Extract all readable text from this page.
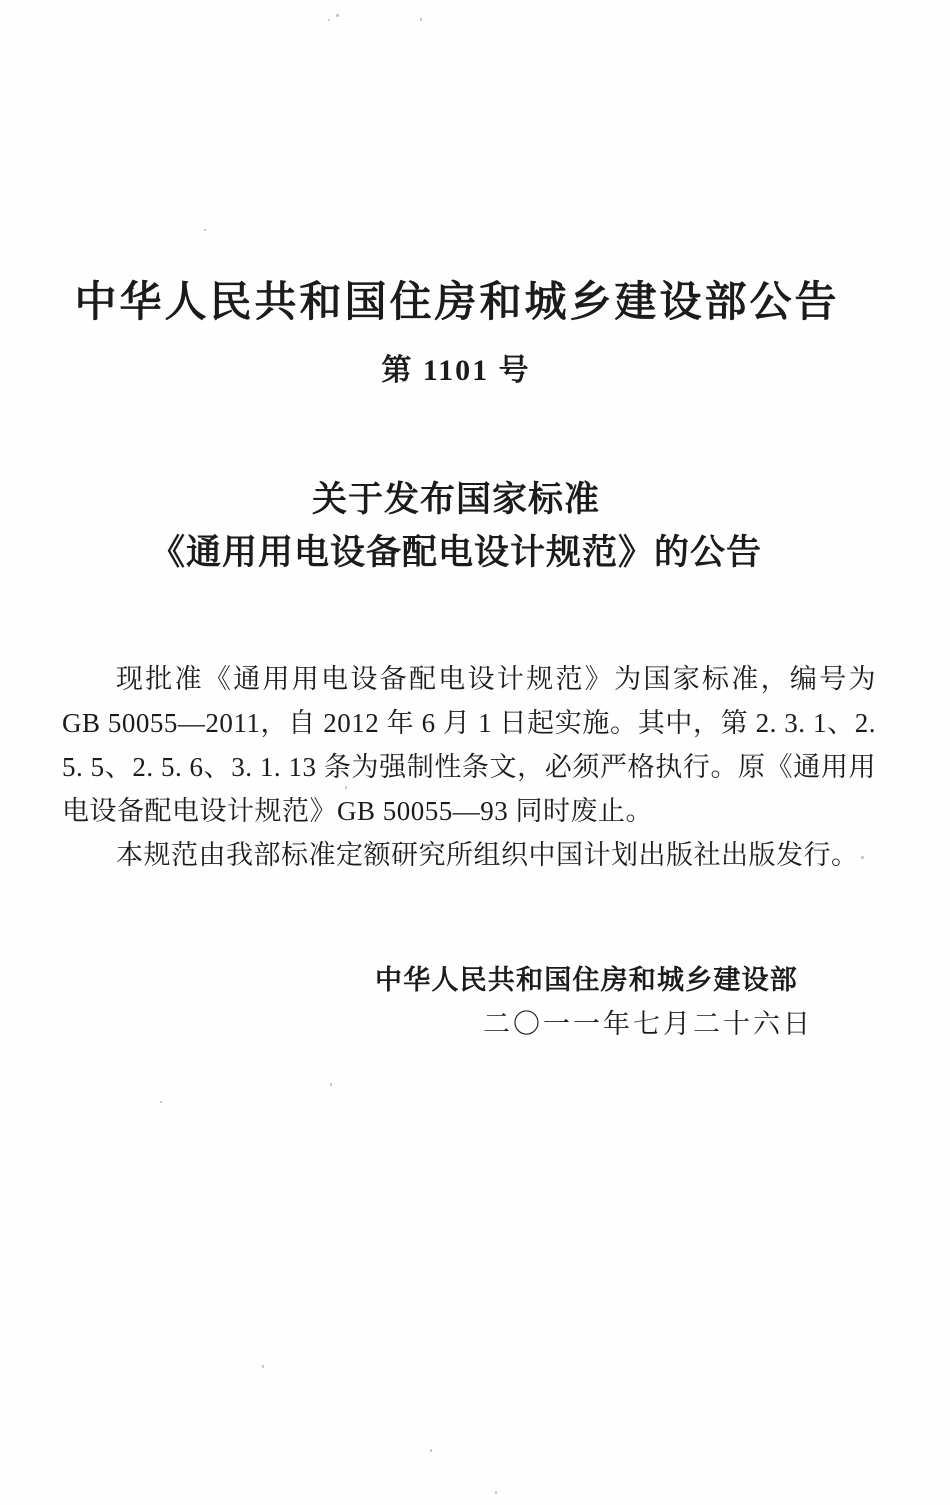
中华人民共和国住房和城乡建设部公告
第 1101 号
关于发布国家标准
《通用用电设备配电设计规范》的公告

现批准《通用用电设备配电设计规范》为国家标准，编号为 GB 50055—2011，自 2012 年 6 月 1 日起实施。其中，第 2. 3. 1、2. 5. 5、2. 5. 6、3. 1. 13 条为强制性条文，必须严格执行。原《通用用电设备配电设计规范》GB 50055—93 同时废止。

本规范由我部标准定额研究所组织中国计划出版社出版发行。

中华人民共和国住房和城乡建设部
二〇一一年七月二十六日
